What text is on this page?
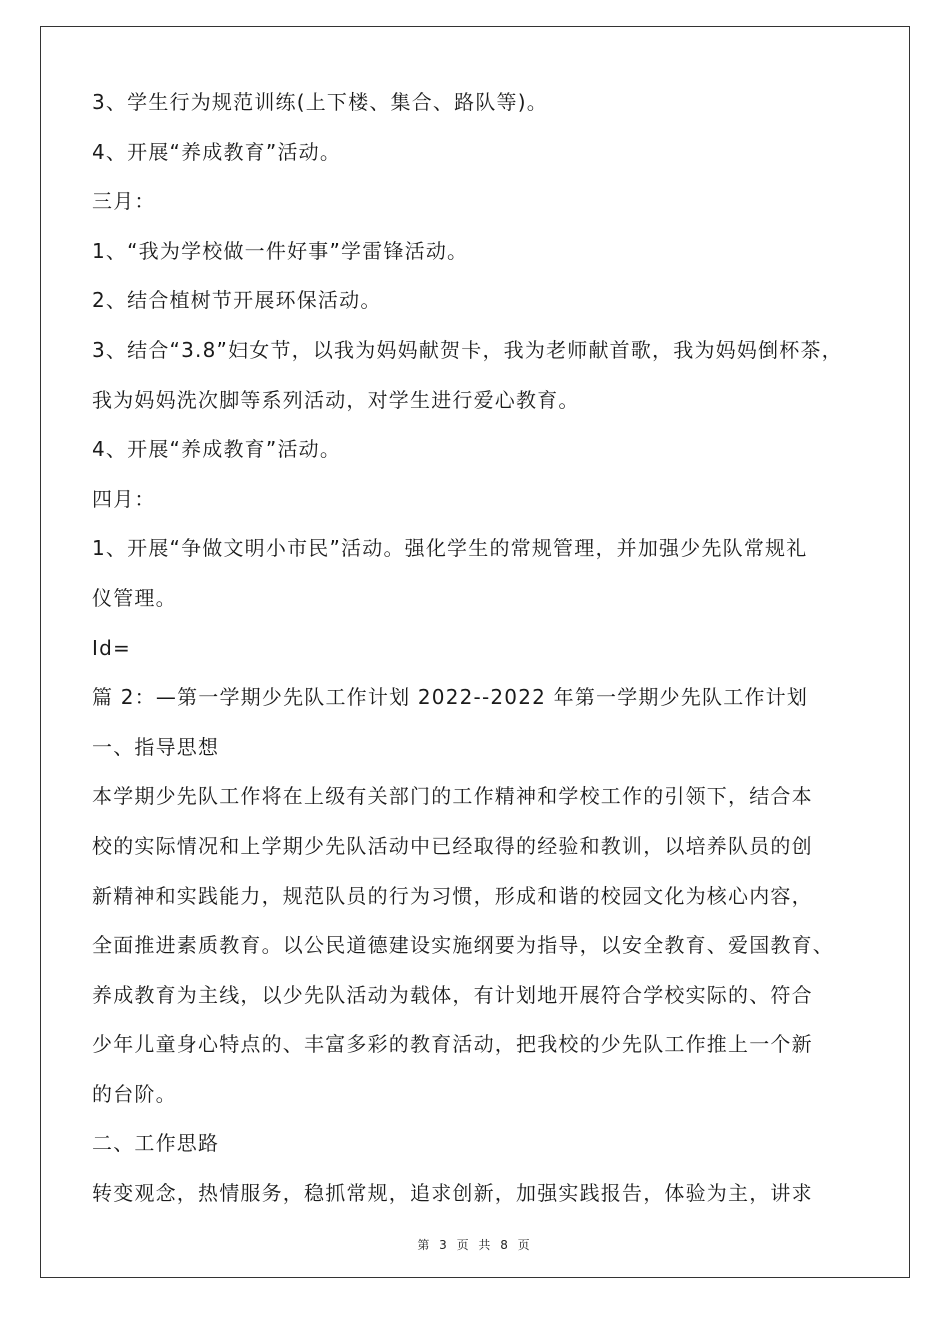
3、学生行为规范训练(上下楼、集合、路队等)。
4、开展“养成教育”活动。
三月：
1、“我为学校做一件好事”学雷锋活动。
2、结合植树节开展环保活动。
3、结合“3.8”妇女节，以我为妈妈献贺卡，我为老师献首歌，我为妈妈倒杯茶，
我为妈妈洗次脚等系列活动，对学生进行爱心教育。
4、开展“养成教育”活动。
四月：
1、开展“争做文明小市民”活动。强化学生的常规管理，并加强少先队常规礼
仪管理。
Id=
篇 2：—第一学期少先队工作计划 2022--2022 年第一学期少先队工作计划
一、指导思想
本学期少先队工作将在上级有关部门的工作精神和学校工作的引领下，结合本
校的实际情况和上学期少先队活动中已经取得的经验和教训，以培养队员的创
新精神和实践能力，规范队员的行为习惯，形成和谐的校园文化为核心内容，
全面推进素质教育。以公民道德建设实施纲要为指导，以安全教育、爱国教育、
养成教育为主线，以少先队活动为载体，有计划地开展符合学校实际的、符合
少年儿童身心特点的、丰富多彩的教育活动，把我校的少先队工作推上一个新
的台阶。
二、工作思路
转变观念，热情服务，稳抓常规，追求创新，加强实践报告，体验为主，讲求
第 3 页 共 8 页
